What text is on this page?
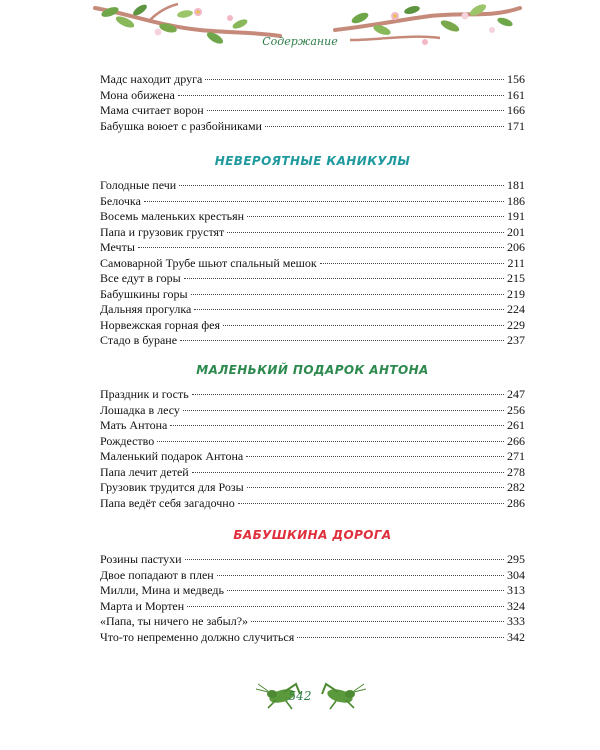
Содержание
Мадс находит друга	156
Мона обижена	161
Мама считает ворон	166
Бабушка воюет с разбойниками	171
НЕВЕРОЯТНЫЕ КАНИКУЛЫ
Голодные печи	181
Белочка	186
Восемь маленьких крестьян	191
Папа и грузовик грустят	201
Мечты	206
Самоварной Трубе шьют спальный мешок	211
Все едут в горы	215
Бабушкины горы	219
Дальняя прогулка	224
Норвежская горная фея	229
Стадо в буране	237
МАЛЕНЬКИЙ ПОДАРОК АНТОНА
Праздник и гость	247
Лошадка в лесу	256
Мать Антона	261
Рождество	266
Маленький подарок Антона	271
Папа лечит детей	278
Грузовик трудится для Розы	282
Папа ведёт себя загадочно	286
БАБУШКИНА ДОРОГА
Розины пастухи	295
Двое попадают в плен	304
Милли, Мина и медведь	313
Марта и Мортен	324
«Папа, ты ничего не забыл?»	333
Что-то непременно должно случиться	342
542
